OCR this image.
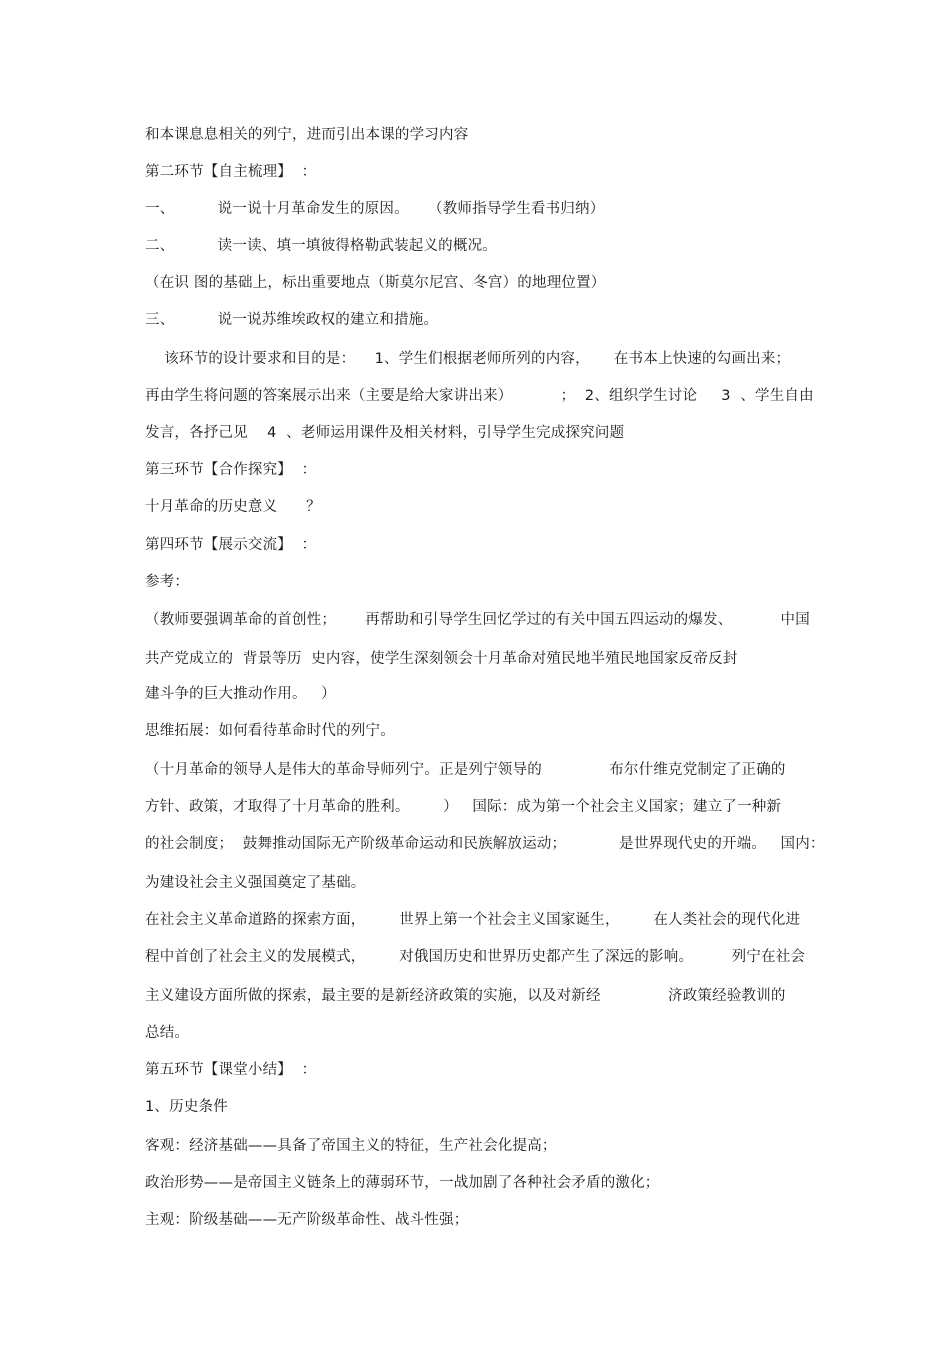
和本课息息相关的列宁，进而引出本课的学习内容
第二环节【自主梳理】  ：
一、         说一说十月革命发生的原因。    （教师指导学生看书归纳）
二、         读一读、填一填彼得格勒武装起义的概况。
（在识 图的基础上，标出重要地点（斯莫尔尼宫、冬宫）的地理位置）
三、         说一说苏维埃政权的建立和措施。
该环节的设计要求和目的是：    1、学生们根据老师所列的内容，     在书本上快速的勾画出来；
再由学生将问题的答案展示出来（主要是给大家讲出来）          ；  2、组织学生讨论     3  、学生自由
发言，各抒己见    4  、老师运用课件及相关材料，引导学生完成探究问题
第三环节【合作探究】  ：
十月革命的历史意义      ？
第四环节【展示交流】  ：
参考：
（教师要强调革命的首创性；      再帮助和引导学生回忆学过的有关中国五四运动的爆发、          中国
共产党成立的  背景等历  史内容，使学生深刻领会十月革命对殖民地半殖民地国家反帝反封
建斗争的巨大推动作用。   ）
思维拓展：如何看待革命时代的列宁。
（十月革命的领导人是伟大的革命导师列宁。正是列宁领导的              布尔什维克党制定了正确的
方针、政策，才取得了十月革命的胜利。       ）   国际：成为第一个社会主义国家；建立了一种新
的社会制度；  鼓舞推动国际无产阶级革命运动和民族解放运动；           是世界现代史的开端。   国内：
为建设社会主义强国奠定了基础。
在社会主义革命道路的探索方面，       世界上第一个社会主义国家诞生，       在人类社会的现代化进
程中首创了社会主义的发展模式，       对俄国历史和世界历史都产生了深远的影响。        列宁在社会
主义建设方面所做的探索，最主要的是新经济政策的实施，以及对新经              济政策经验教训的
总结。
第五环节【课堂小结】  ：
1、历史条件
客观：经济基础——具备了帝国主义的特征，生产社会化提高；
政治形势——是帝国主义链条上的薄弱环节，一战加剧了各种社会矛盾的激化；
主观：阶级基础——无产阶级革命性、战斗性强；
